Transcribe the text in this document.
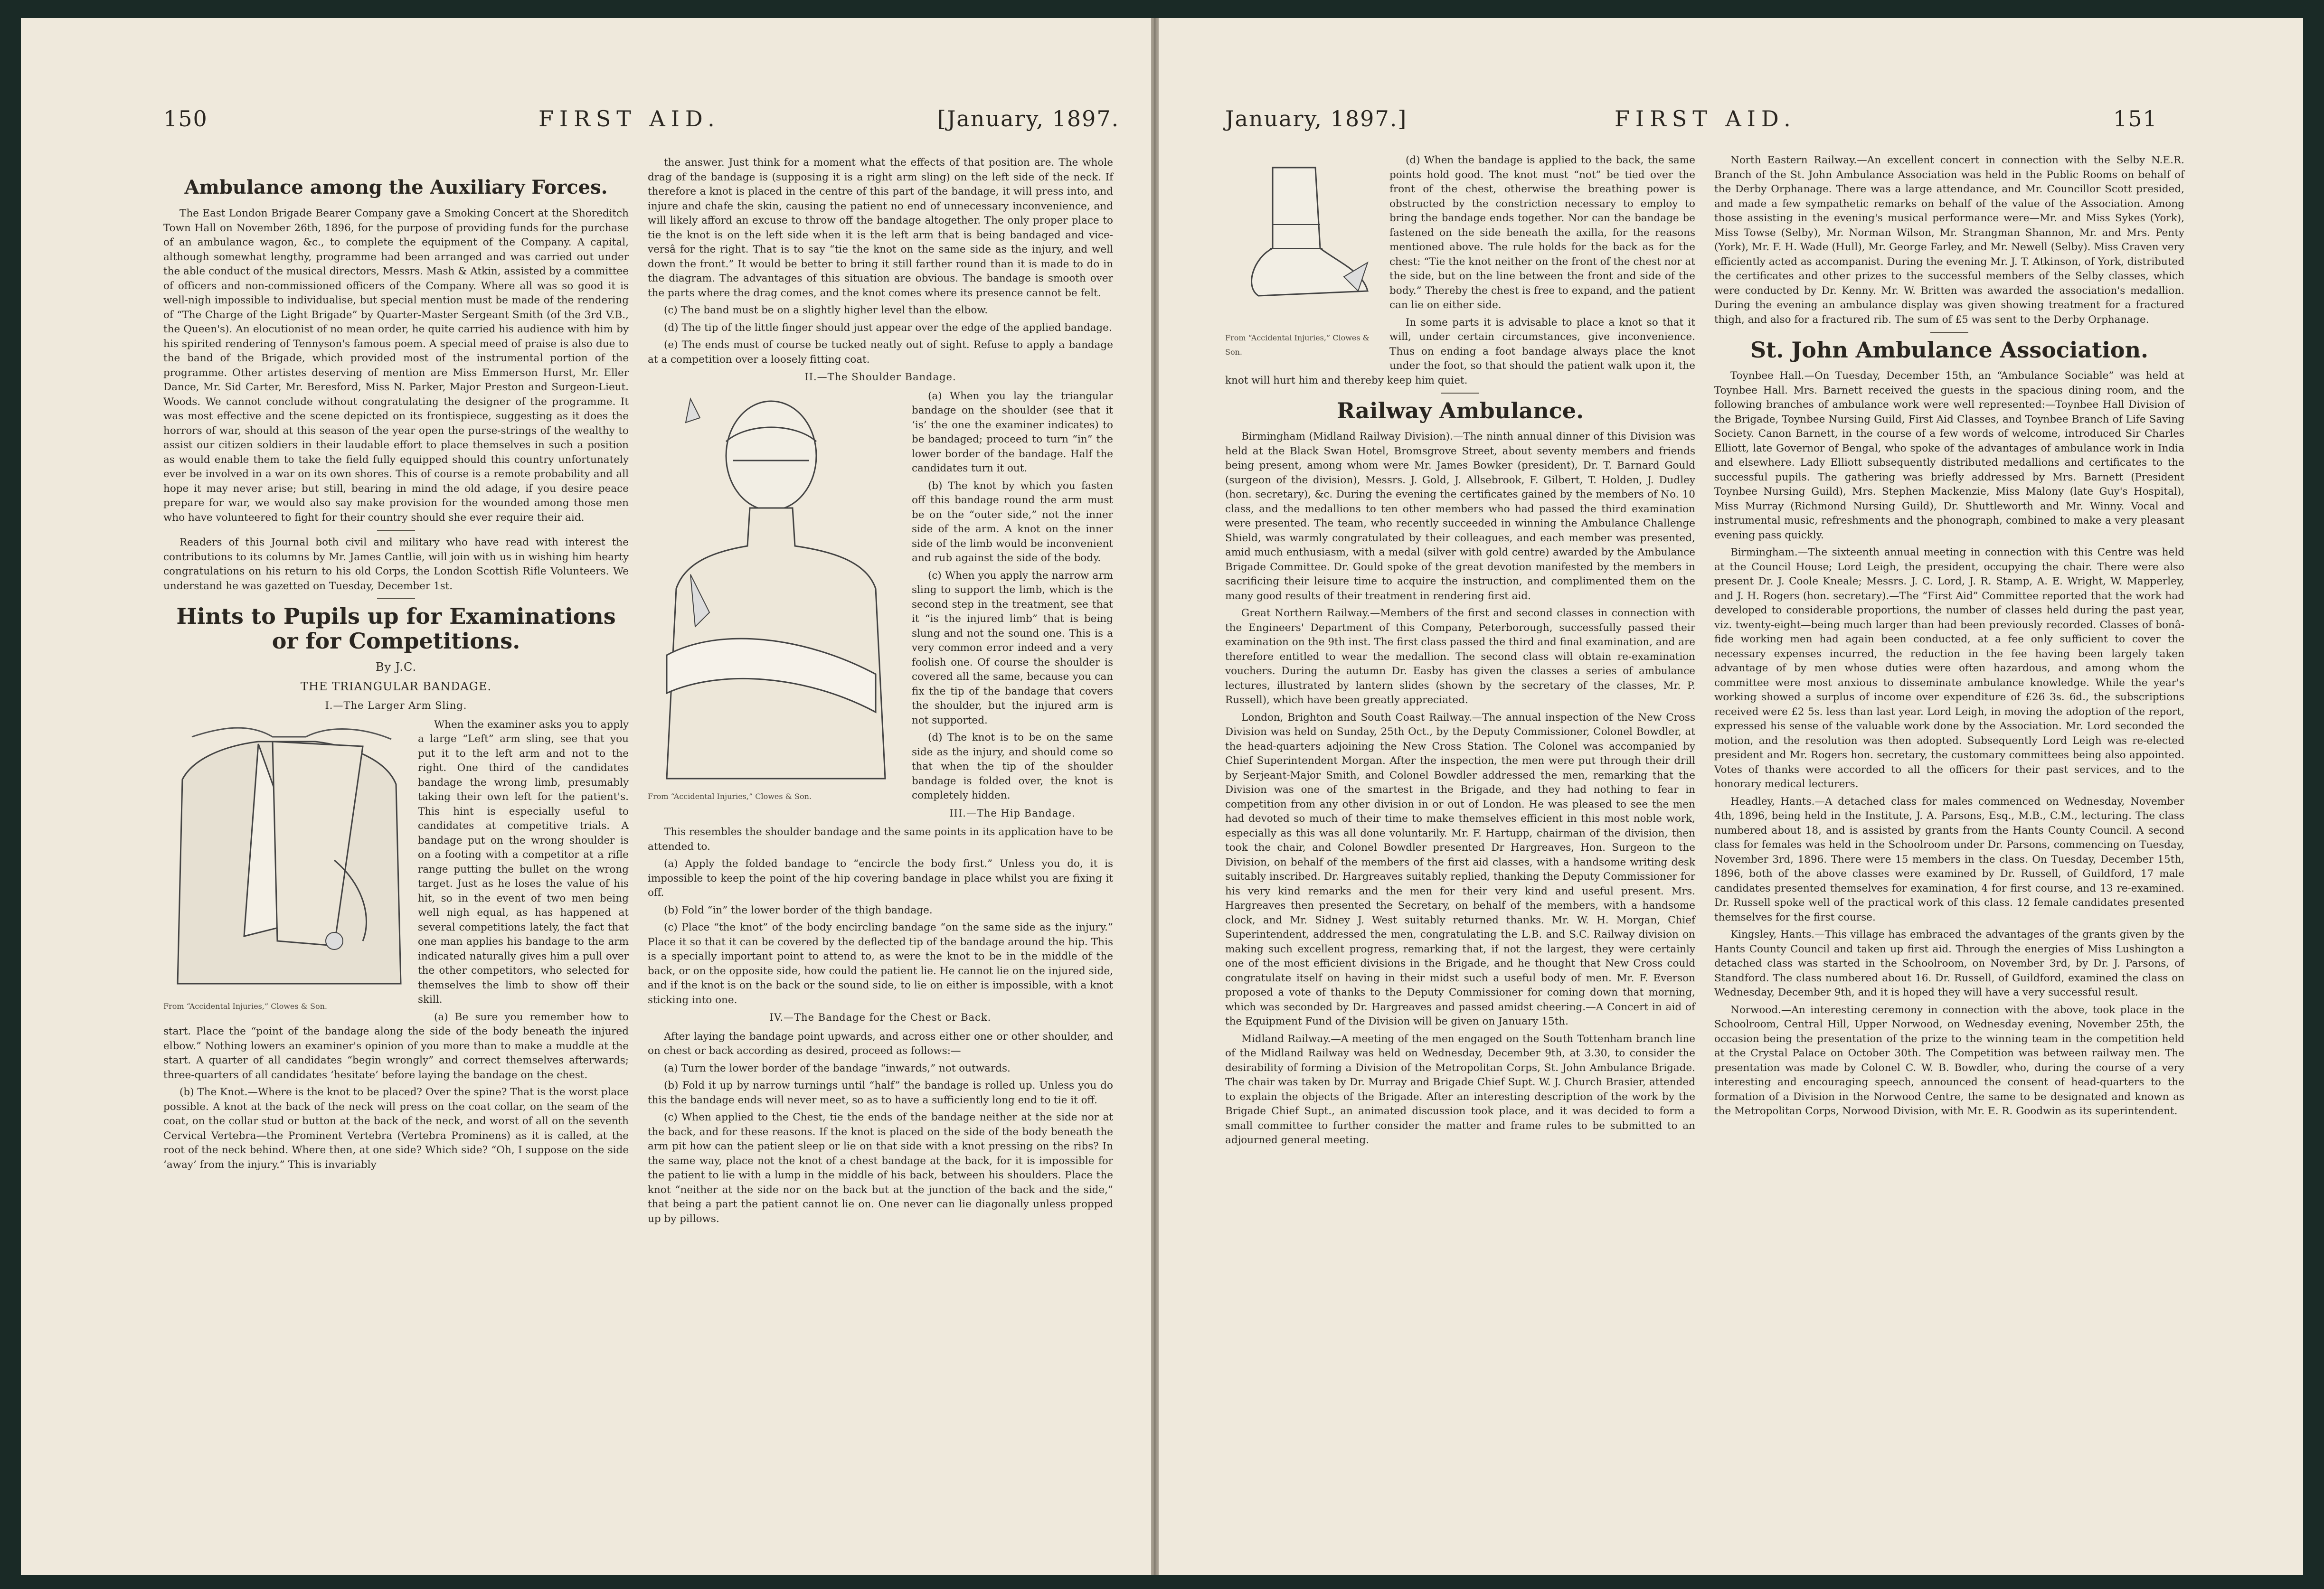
150	FIRST AID.	[January, 1897.
Ambulance among the Auxiliary Forces.

The East London Brigade Bearer Company gave a Smoking Concert at the Shoreditch Town Hall on November 26th, 1896, for the purpose of providing funds for the purchase of an ambulance wagon, &c., to complete the equipment of the Company. A capital, although somewhat lengthy, programme had been arranged and was carried out under the able conduct of the musical directors, Messrs. Mash & Atkin, assisted by a committee of officers and non-commissioned officers of the Company. Where all was so good it is well-nigh impossible to individualise, but special mention must be made of the rendering of “The Charge of the Light Brigade” by Quarter-Master Sergeant Smith (of the 3rd V.B., the Queen's). An elocutionist of no mean order, he quite carried his audience with him by his spirited rendering of Tennyson's famous poem. A special meed of praise is also due to the band of the Brigade, which provided most of the instrumental portion of the programme. Other artistes deserving of mention are Miss Emmerson Hurst, Mr. Eller Dance, Mr. Sid Carter, Mr. Beresford, Miss N. Parker, Major Preston and Surgeon-Lieut. Woods. We cannot conclude without congratulating the designer of the programme. It was most effective and the scene depicted on its frontispiece, suggesting as it does the horrors of war, should at this season of the year open the purse-strings of the wealthy to assist our citizen soldiers in their laudable effort to place themselves in such a position as would enable them to take the field fully equipped should this country unfortunately ever be involved in a war on its own shores. This of course is a remote probability and all hope it may never arise; but still, bearing in mind the old adage, if you desire peace prepare for war, we would also say make provision for the wounded among those men who have volunteered to fight for their country should she ever require their aid.

Readers of this Journal both civil and military who have read with interest the contributions to its columns by Mr. James Cantlie, will join with us in wishing him hearty congratulations on his return to his old Corps, the London Scottish Rifle Volunteers. We understand he was gazetted on Tuesday, December 1st.

Hints to Pupils up for Examinations or for Competitions.
By J.C.
THE TRIANGULAR BANDAGE.
I.—The Larger Arm Sling.
From “Accidental Injuries,” Clowes & Son.

When the examiner asks you to apply a large “Left” arm sling, see that you put it to the left arm and not to the right. One third of the candidates bandage the wrong limb, presumably taking their own left for the patient's. This hint is especially useful to candidates at competitive trials. A bandage put on the wrong shoulder is on a footing with a competitor at a rifle range putting the bullet on the wrong target. Just as he loses the value of his hit, so in the event of two men being well nigh equal, as has happened at several competitions lately, the fact that one man applies his bandage to the arm indicated naturally gives him a pull over the other competitors, who selected for themselves the limb to show off their skill.

(a) Be sure you remember how to start. Place the “point of the bandage along the side of the body beneath the injured elbow.” Nothing lowers an examiner's opinion of you more than to make a muddle at the start. A quarter of all candidates “begin wrongly” and correct themselves afterwards; three-quarters of all candidates ‘hesitate’ before laying the bandage on the chest.

(b) The Knot.—Where is the knot to be placed? Over the spine? That is the worst place possible. A knot at the back of the neck will press on the coat collar, on the seam of the coat, on the collar stud or button at the back of the neck, and worst of all on the seventh Cervical Vertebra—the Prominent Vertebra (Vertebra Prominens) as it is called, at the root of the neck behind. Where then, at one side? Which side? “Oh, I suppose on the side ‘away’ from the injury.” This is invariably

the answer. Just think for a moment what the effects of that position are. The whole drag of the bandage is (supposing it is a right arm sling) on the left side of the neck. If therefore a knot is placed in the centre of this part of the bandage, it will press into, and injure and chafe the skin, causing the patient no end of unnecessary inconvenience, and will likely afford an excuse to throw off the bandage altogether. The only proper place to tie the knot is on the left side when it is the left arm that is being bandaged and vice-versâ for the right. That is to say “tie the knot on the same side as the injury, and well down the front.” It would be better to bring it still farther round than it is made to do in the diagram. The advantages of this situation are obvious. The bandage is smooth over the parts where the drag comes, and the knot comes where its presence cannot be felt.

(c) The band must be on a slightly higher level than the elbow.

(d) The tip of the little finger should just appear over the edge of the applied bandage.

(e) The ends must of course be tucked neatly out of sight. Refuse to apply a bandage at a competition over a loosely fitting coat.

II.—The Shoulder Bandage.
From “Accidental Injuries,” Clowes & Son.

(a) When you lay the triangular bandage on the shoulder (see that it ‘is’ the one the examiner indicates) to be bandaged; proceed to turn “in” the lower border of the bandage. Half the candidates turn it out.

(b) The knot by which you fasten off this bandage round the arm must be on the “outer side,” not the inner side of the arm. A knot on the inner side of the limb would be inconvenient and rub against the side of the body.

(c) When you apply the narrow arm sling to support the limb, which is the second step in the treatment, see that it “is the injured limb” that is being slung and not the sound one. This is a very common error indeed and a very foolish one. Of course the shoulder is covered all the same, because you can fix the tip of the bandage that covers the shoulder, but the injured arm is not supported.

(d) The knot is to be on the same side as the injury, and should come so that when the tip of the shoulder bandage is folded over, the knot is completely hidden.

III.—The Hip Bandage.

This resembles the shoulder bandage and the same points in its application have to be attended to.

(a) Apply the folded bandage to “encircle the body first.” Unless you do, it is impossible to keep the point of the hip covering bandage in place whilst you are fixing it off.

(b) Fold “in” the lower border of the thigh bandage.

(c) Place “the knot” of the body encircling bandage “on the same side as the injury.” Place it so that it can be covered by the deflected tip of the bandage around the hip. This is a specially important point to attend to, as were the knot to be in the middle of the back, or on the opposite side, how could the patient lie. He cannot lie on the injured side, and if the knot is on the back or the sound side, to lie on either is impossible, with a knot sticking into one.

IV.—The Bandage for the Chest or Back.

After laying the bandage point upwards, and across either one or other shoulder, and on chest or back according as desired, proceed as follows:—

(a) Turn the lower border of the bandage “inwards,” not outwards.

(b) Fold it up by narrow turnings until “half” the bandage is rolled up. Unless you do this the bandage ends will never meet, so as to have a sufficiently long end to tie it off.

(c) When applied to the Chest, tie the ends of the bandage neither at the side nor at the back, and for these reasons. If the knot is placed on the side of the body beneath the arm pit how can the patient sleep or lie on that side with a knot pressing on the ribs? In the same way, place not the knot of a chest bandage at the back, for it is impossible for the patient to lie with a lump in the middle of his back, between his shoulders. Place the knot “neither at the side nor on the back but at the junction of the back and the side,” that being a part the patient cannot lie on. One never can lie diagonally unless propped up by pillows.

January, 1897.]	FIRST AID.	151
From “Accidental Injuries,” Clowes & Son.

(d) When the bandage is applied to the back, the same points hold good. The knot must “not” be tied over the front of the chest, otherwise the breathing power is obstructed by the constriction necessary to employ to bring the bandage ends together. Nor can the bandage be fastened on the side beneath the axilla, for the reasons mentioned above. The rule holds for the back as for the chest: “Tie the knot neither on the front of the chest nor at the side, but on the line between the front and side of the body.” Thereby the chest is free to expand, and the patient can lie on either side.

In some parts it is advisable to place a knot so that it will, under certain circumstances, give inconvenience. Thus on ending a foot bandage always place the knot under the foot, so that should the patient walk upon it, the knot will hurt him and thereby keep him quiet.

Railway Ambulance.

Birmingham (Midland Railway Division).—The ninth annual dinner of this Division was held at the Black Swan Hotel, Bromsgrove Street, about seventy members and friends being present, among whom were Mr. James Bowker (president), Dr. T. Barnard Gould (surgeon of the division), Messrs. J. Gold, J. Allsebrook, F. Gilbert, T. Holden, J. Dudley (hon. secretary), &c. During the evening the certificates gained by the members of No. 10 class, and the medallions to ten other members who had passed the third examination were presented. The team, who recently succeeded in winning the Ambulance Challenge Shield, was warmly congratulated by their colleagues, and each member was presented, amid much enthusiasm, with a medal (silver with gold centre) awarded by the Ambulance Brigade Committee. Dr. Gould spoke of the great devotion manifested by the members in sacrificing their leisure time to acquire the instruction, and complimented them on the many good results of their treatment in rendering first aid.

Great Northern Railway.—Members of the first and second classes in connection with the Engineers' Department of this Company, Peterborough, successfully passed their examination on the 9th inst. The first class passed the third and final examination, and are therefore entitled to wear the medallion. The second class will obtain re-examination vouchers. During the autumn Dr. Easby has given the classes a series of ambulance lectures, illustrated by lantern slides (shown by the secretary of the classes, Mr. P. Russell), which have been greatly appreciated.

London, Brighton and South Coast Railway.—The annual inspection of the New Cross Division was held on Sunday, 25th Oct., by the Deputy Commissioner, Colonel Bowdler, at the head-quarters adjoining the New Cross Station. The Colonel was accompanied by Chief Superintendent Morgan. After the inspection, the men were put through their drill by Serjeant-Major Smith, and Colonel Bowdler addressed the men, remarking that the Division was one of the smartest in the Brigade, and they had nothing to fear in competition from any other division in or out of London. He was pleased to see the men had devoted so much of their time to make themselves efficient in this most noble work, especially as this was all done voluntarily. Mr. F. Hartupp, chairman of the division, then took the chair, and Colonel Bowdler presented Dr Hargreaves, Hon. Surgeon to the Division, on behalf of the members of the first aid classes, with a handsome writing desk suitably inscribed. Dr. Hargreaves suitably replied, thanking the Deputy Commissioner for his very kind remarks and the men for their very kind and useful present. Mrs. Hargreaves then presented the Secretary, on behalf of the members, with a handsome clock, and Mr. Sidney J. West suitably returned thanks. Mr. W. H. Morgan, Chief Superintendent, addressed the men, congratulating the L.B. and S.C. Railway division on making such excellent progress, remarking that, if not the largest, they were certainly one of the most efficient divisions in the Brigade, and he thought that New Cross could congratulate itself on having in their midst such a useful body of men. Mr. F. Everson proposed a vote of thanks to the Deputy Commissioner for coming down that morning, which was seconded by Dr. Hargreaves and passed amidst cheering.—A Concert in aid of the Equipment Fund of the Division will be given on January 15th.

Midland Railway.—A meeting of the men engaged on the South Tottenham branch line of the Midland Railway was held on Wednesday, December 9th, at 3.30, to consider the desirability of forming a Division of the Metropolitan Corps, St. John Ambulance Brigade. The chair was taken by Dr. Murray and Brigade Chief Supt. W. J. Church Brasier, attended to explain the objects of the Brigade. After an interesting description of the work by the Brigade Chief Supt., an animated discussion took place, and it was decided to form a small committee to further consider the matter and frame rules to be submitted to an adjourned general meeting.

North Eastern Railway.—An excellent concert in connection with the Selby N.E.R. Branch of the St. John Ambulance Association was held in the Public Rooms on behalf of the Derby Orphanage. There was a large attendance, and Mr. Councillor Scott presided, and made a few sympathetic remarks on behalf of the value of the Association. Among those assisting in the evening's musical performance were—Mr. and Miss Sykes (York), Miss Towse (Selby), Mr. Norman Wilson, Mr. Strangman Shannon, Mr. and Mrs. Penty (York), Mr. F. H. Wade (Hull), Mr. George Farley, and Mr. Newell (Selby). Miss Craven very efficiently acted as accompanist. During the evening Mr. J. T. Atkinson, of York, distributed the certificates and other prizes to the successful members of the Selby classes, which were conducted by Dr. Kenny. Mr. W. Britten was awarded the association's medallion. During the evening an ambulance display was given showing treatment for a fractured thigh, and also for a fractured rib. The sum of £5 was sent to the Derby Orphanage.

St. John Ambulance Association.

Toynbee Hall.—On Tuesday, December 15th, an “Ambulance Sociable” was held at Toynbee Hall. Mrs. Barnett received the guests in the spacious dining room, and the following branches of ambulance work were well represented:—Toynbee Hall Division of the Brigade, Toynbee Nursing Guild, First Aid Classes, and Toynbee Branch of Life Saving Society. Canon Barnett, in the course of a few words of welcome, introduced Sir Charles Elliott, late Governor of Bengal, who spoke of the advantages of ambulance work in India and elsewhere. Lady Elliott subsequently distributed medallions and certificates to the successful pupils. The gathering was briefly addressed by Mrs. Barnett (President Toynbee Nursing Guild), Mrs. Stephen Mackenzie, Miss Malony (late Guy's Hospital), Miss Murray (Richmond Nursing Guild), Dr. Shuttleworth and Mr. Winny. Vocal and instrumental music, refreshments and the phonograph, combined to make a very pleasant evening pass quickly.

Birmingham.—The sixteenth annual meeting in connection with this Centre was held at the Council House; Lord Leigh, the president, occupying the chair. There were also present Dr. J. Coole Kneale; Messrs. J. C. Lord, J. R. Stamp, A. E. Wright, W. Mapperley, and J. H. Rogers (hon. secretary).—The “First Aid” Committee reported that the work had developed to considerable proportions, the number of classes held during the past year, viz. twenty-eight—being much larger than had been previously recorded. Classes of bonâ-fide working men had again been conducted, at a fee only sufficient to cover the necessary expenses incurred, the reduction in the fee having been largely taken advantage of by men whose duties were often hazardous, and among whom the committee were most anxious to disseminate ambulance knowledge. While the year's working showed a surplus of income over expenditure of £26 3s. 6d., the subscriptions received were £2 5s. less than last year. Lord Leigh, in moving the adoption of the report, expressed his sense of the valuable work done by the Association. Mr. Lord seconded the motion, and the resolution was then adopted. Subsequently Lord Leigh was re-elected president and Mr. Rogers hon. secretary, the customary committees being also appointed. Votes of thanks were accorded to all the officers for their past services, and to the honorary medical lecturers.

Headley, Hants.—A detached class for males commenced on Wednesday, November 4th, 1896, being held in the Institute, J. A. Parsons, Esq., M.B., C.M., lecturing. The class numbered about 18, and is assisted by grants from the Hants County Council. A second class for females was held in the Schoolroom under Dr. Parsons, commencing on Tuesday, November 3rd, 1896. There were 15 members in the class. On Tuesday, December 15th, 1896, both of the above classes were examined by Dr. Russell, of Guildford, 17 male candidates presented themselves for examination, 4 for first course, and 13 re-examined. Dr. Russell spoke well of the practical work of this class. 12 female candidates presented themselves for the first course.

Kingsley, Hants.—This village has embraced the advantages of the grants given by the Hants County Council and taken up first aid. Through the energies of Miss Lushington a detached class was started in the Schoolroom, on November 3rd, by Dr. J. Parsons, of Standford. The class numbered about 16. Dr. Russell, of Guildford, examined the class on Wednesday, December 9th, and it is hoped they will have a very successful result.

Norwood.—An interesting ceremony in connection with the above, took place in the Schoolroom, Central Hill, Upper Norwood, on Wednesday evening, November 25th, the occasion being the presentation of the prize to the winning team in the competition held at the Crystal Palace on October 30th. The Competition was between railway men. The presentation was made by Colonel C. W. B. Bowdler, who, during the course of a very interesting and encouraging speech, announced the consent of head-quarters to the formation of a Division in the Norwood Centre, the same to be designated and known as the Metropolitan Corps, Norwood Division, with Mr. E. R. Goodwin as its superintendent.
